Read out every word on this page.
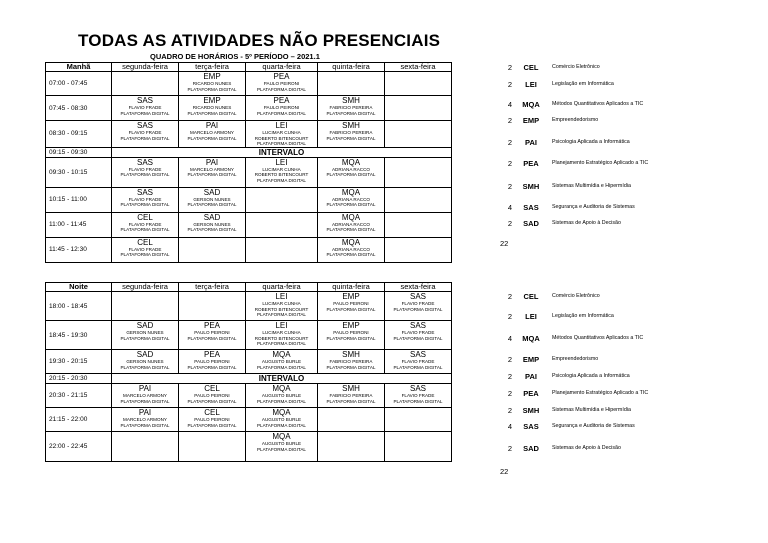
TODAS AS ATIVIDADES NÃO PRESENCIAIS
QUADRO DE HORÁRIOS - 5º PERÍODO – 2021.1
Manhã	segunda-feira	terça-feira	quarta-feira	quinta-feira	sexta-feira
07:00 - 07:45		EMP
RICARDO NUNES
PLATAFORMA DIGITAL	PEA
PAULO PEIRONI
PLATAFORMA DIGITAL		

07:45 - 08:30	SAS
FLAVIO FRADE
PLATAFORMA DIGITAL	EMP
RICARDO NUNES
PLATAFORMA DIGITAL	PEA
PAULO PEIRONI
PLATAFORMA DIGITAL	SMH
FABRICIO PEREIRA
PLATAFORMA DIGITAL	

08:30 - 09:15	SAS
FLAVIO FRADE
PLATAFORMA DIGITAL	PAI
MARCELO ARMONY
PLATAFORMA DIGITAL	LEI
LUCIMAR CUNHA
ROBERTO BITENCOURT
PLATAFORMA DIGITAL	SMH
FABRICIO PEREIRA
PLATAFORMA DIGITAL	

09:15 - 09:30	INTERVALO				
09:30 - 10:15	SAS
FLAVIO FRADE
PLATAFORMA DIGITAL	PAI
MARCELO ARMONY
PLATAFORMA DIGITAL	LEI
LUCIMAR CUNHA
ROBERTO BITENCOURT
PLATAFORMA DIGITAL	MQA
ADRIANA RACCO
PLATAFORMA DIGITAL	

10:15 - 11:00	SAS
FLAVIO FRADE
PLATAFORMA DIGITAL	SAD
GERSON NUNES
PLATAFORMA DIGITAL		MQA
ADRIANA RACCO
PLATAFORMA DIGITAL	

11:00 - 11:45	CEL
FLAVIO FRADE
PLATAFORMA DIGITAL	SAD
GERSON NUNES
PLATAFORMA DIGITAL		MQA
ADRIANA RACCO
PLATAFORMA DIGITAL	

11:45 - 12:30	CEL
FLAVIO FRADE
PLATAFORMA DIGITAL			MQA
ADRIANA RACCO
PLATAFORMA DIGITAL	

Noite	segunda-feira	terça-feira	quarta-feira	quinta-feira	sexta-feira
18:00 - 18:45			LEI
LUCIMAR CUNHA
ROBERTO BITENCOURT
PLATAFORMA DIGITAL	EMP
PAULO PEIRONI
PLATAFORMA DIGITAL	SAS
FLAVIO FRADE
PLATAFORMA DIGITAL

18:45 - 19:30	SAD
GERSON NUNES
PLATAFORMA DIGITAL	PEA
PAULO PEIRONI
PLATAFORMA DIGITAL	LEI
LUCIMAR CUNHA
ROBERTO BITENCOURT
PLATAFORMA DIGITAL	EMP
PAULO PEIRONI
PLATAFORMA DIGITAL	SAS
FLAVIO FRADE
PLATAFORMA DIGITAL

19:30 - 20:15	SAD
GERSON NUNES
PLATAFORMA DIGITAL	PEA
PAULO PEIRONI
PLATAFORMA DIGITAL	MQA
AUGUSTO BURLE
PLATAFORMA DIGITAL	SMH
FABRICIO PEREIRA
PLATAFORMA DIGITAL	SAS
FLAVIO FRADE
PLATAFORMA DIGITAL

20:15 - 20:30	INTERVALO				
20:30 - 21:15	PAI
MARCELO ARMONY
PLATAFORMA DIGITAL	CEL
PAULO PEIRONI
PLATAFORMA DIGITAL	MQA
AUGUSTO BURLE
PLATAFORMA DIGITAL	SMH
FABRICIO PEREIRA
PLATAFORMA DIGITAL	SAS
FLAVIO FRADE
PLATAFORMA DIGITAL

21:15 - 22:00	PAI
MARCELO ARMONY
PLATAFORMA DIGITAL	CEL
PAULO PEIRONI
PLATAFORMA DIGITAL	MQA
AUGUSTO BURLE
PLATAFORMA DIGITAL		

22:00 - 22:45			MQA
AUGUSTO BURLE
PLATAFORMA DIGITAL		

2	CEL	Comércio Eletrônico
2	LEI	Legislação em Informática
4	MQA	Métodos Quantitativos Aplicados a TIC
2	EMP	Empreendedorismo
2	PAI	Psicologia Aplicada a Informática
2	PEA	Planejamento Estratégico Aplicado a TIC
2	SMH	Sistemas Multimídia e Hipermídia
4	SAS	Segurança e Auditoria de Sistemas
2	SAD	Sistemas de Apoio à Decisão
22
2	CEL	Comércio Eletrônico
2	LEI	Legislação em Informática
4	MQA	Métodos Quantitativos Aplicados a TIC
2	EMP	Empreendedorismo
2	PAI	Psicologia Aplicada a Informática
2	PEA	Planejamento Estratégico Aplicado a TIC
2	SMH	Sistemas Multimídia e Hipermídia
4	SAS	Segurança e Auditoria de Sistemas
2	SAD	Sistemas de Apoio à Decisão
22
